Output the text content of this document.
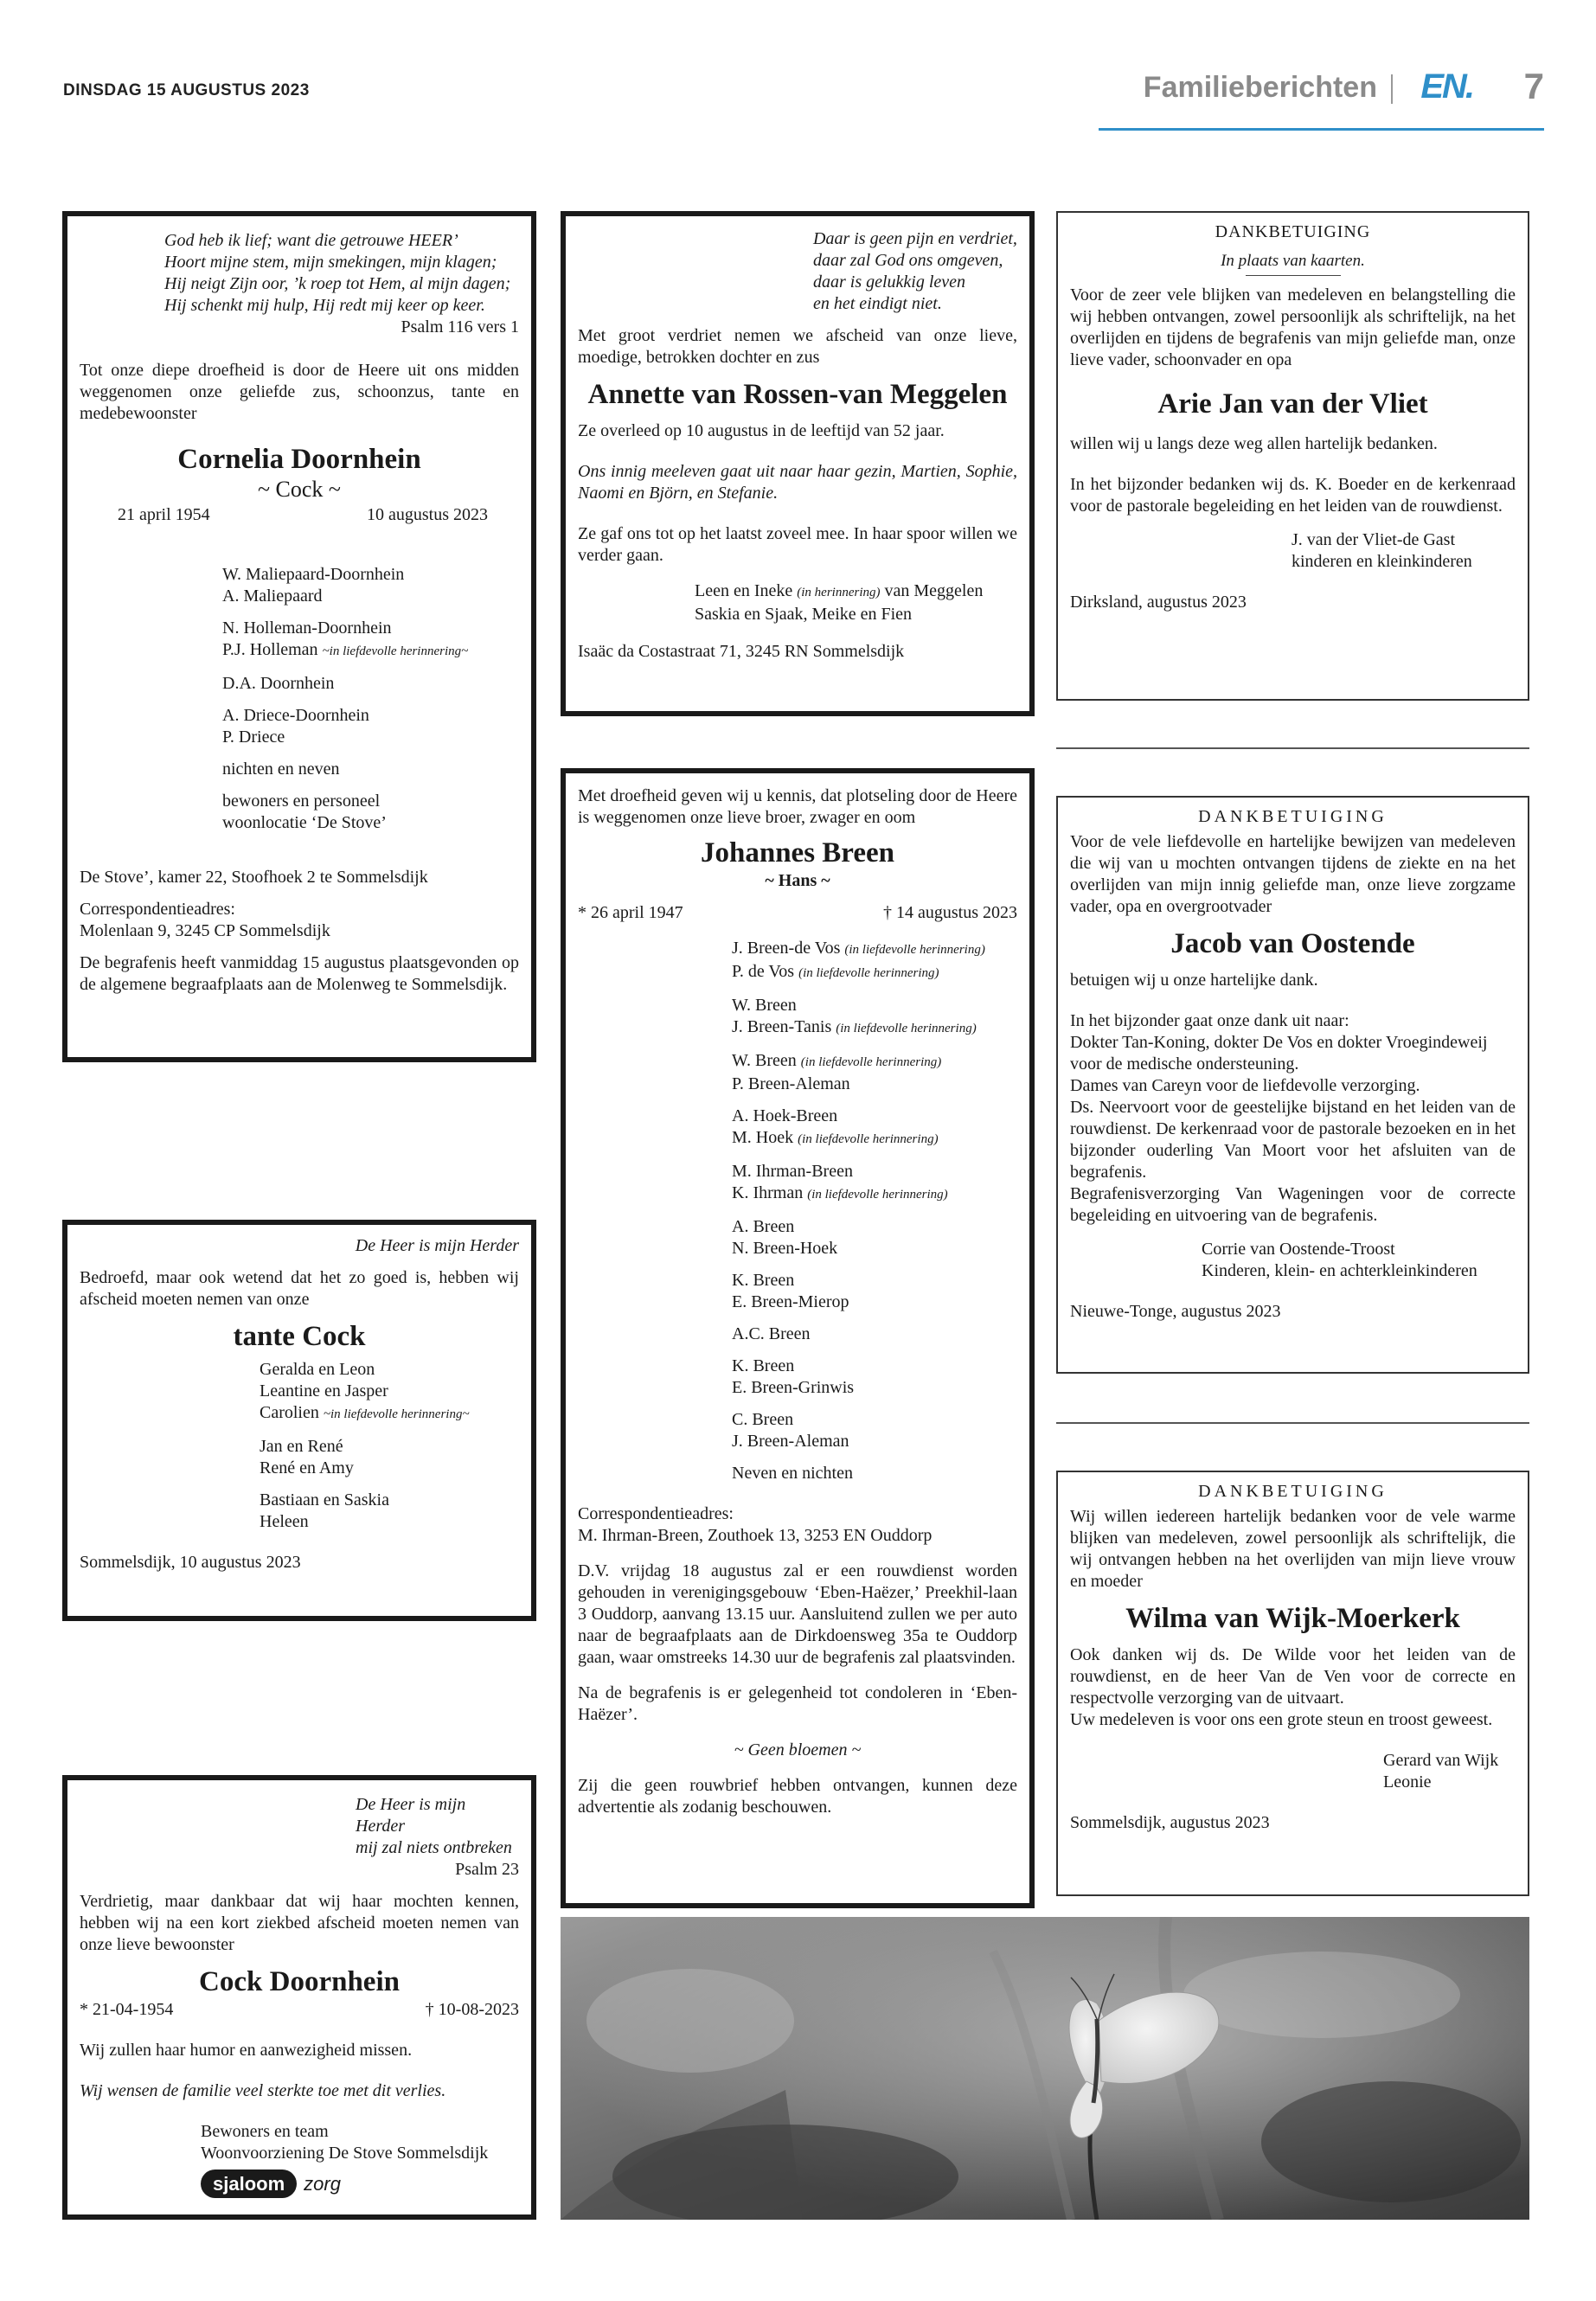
DINSDAG 15 AUGUSTUS 2023	Familieberichten EN. 7

God heb ik lief; want die getrouwe HEER’

Hoort mijne stem, mijn smekingen, mijn klagen;

Hij neigt Zijn oor, ’k roep tot Hem, al mijn dagen;

Hij schenkt mij hulp, Hij redt mij keer op keer.

Psalm 116 vers 1

Tot onze diepe droefheid is door de Heere uit ons midden weggenomen onze geliefde zus, schoonzus, tante en medebewoonster

Cornelia Doornhein

~ Cock ~

21 april 1954	10 augustus 2023

W. Maliepaard-Doornhein

A. Maliepaard

N. Holleman-Doornhein

P.J. Holleman ~in liefdevolle herinnering~

D.A. Doornhein

A. Driece-Doornhein

P. Driece

nichten en neven

bewoners en personeel

woonlocatie ‘De Stove’

De Stove’, kamer 22, Stoofhoek 2 te Sommelsdijk

Correspondentieadres:

Molenlaan 9, 3245 CP Sommelsdijk

De begrafenis heeft vanmiddag 15 augustus plaatsgevonden op de algemene begraafplaats aan de Molenweg te Sommelsdijk.

De Heer is mijn Herder

Bedroefd, maar ook wetend dat het zo goed is, hebben wij afscheid moeten nemen van onze

tante Cock

Geralda en Leon

Leantine en Jasper

Carolien ~in liefdevolle herinnering~

Jan en René

René en Amy

Bastiaan en Saskia

Heleen

Sommelsdijk, 10 augustus 2023

De Heer is mijn Herder

mij zal niets ontbreken

Psalm 23

Verdrietig, maar dankbaar dat wij haar mochten kennen, hebben wij na een kort ziekbed afscheid moeten nemen van onze lieve bewoonster

Cock Doornhein

* 21-04-1954	† 10-08-2023

Wij zullen haar humor en aanwezigheid missen.

Wij wensen de familie veel sterkte toe met dit verlies.

Bewoners en team

Woonvoorziening De Stove Sommelsdijk

sjaloom	zorg

Daar is geen pijn en verdriet,

daar zal God ons omgeven,

daar is gelukkig leven

en het eindigt niet.

Met groot verdriet nemen we afscheid van onze lieve, moedige, betrokken dochter en zus

Annette van Rossen-van Meggelen

Ze overleed op 10 augustus in de leeftijd van 52 jaar.

Ons innig meeleven gaat uit naar haar gezin, Martien, Sophie, Naomi en Björn, en Stefanie.

Ze gaf ons tot op het laatst zoveel mee. In haar spoor willen we verder gaan.

Leen en Ineke (in herinnering) van Meggelen

Saskia en Sjaak, Meike en Fien

Isaäc da Costastraat 71, 3245 RN Sommelsdijk

Met droefheid geven wij u kennis, dat plotseling door de Heere is weggenomen onze lieve broer, zwager en oom

Johannes Breen

~ Hans ~

* 26 april 1947	† 14 augustus 2023

J. Breen-de Vos (in liefdevolle herinnering)

P. de Vos (in liefdevolle herinnering)

W. Breen

J. Breen-Tanis (in liefdevolle herinnering)

W. Breen (in liefdevolle herinnering)

P. Breen-Aleman

A. Hoek-Breen

M. Hoek (in liefdevolle herinnering)

M. Ihrman-Breen

K. Ihrman (in liefdevolle herinnering)

A. Breen

N. Breen-Hoek

K. Breen

E. Breen-Mierop

A.C. Breen

K. Breen

E. Breen-Grinwis

C. Breen

J. Breen-Aleman

Neven en nichten

Correspondentieadres:

M. Ihrman-Breen, Zouthoek 13, 3253 EN Ouddorp

D.V. vrijdag 18 augustus zal er een rouwdienst worden gehouden in verenigingsgebouw ‘Eben-Haëzer,’ Preekhil-laan 3 Ouddorp, aanvang 13.15 uur. Aansluitend zullen we per auto naar de begraafplaats aan de Dirkdoensweg 35a te Ouddorp gaan, waar omstreeks 14.30 uur de begrafenis zal plaatsvinden.

Na de begrafenis is er gelegenheid tot condoleren in ‘Eben-Haëzer’.

~ Geen bloemen ~

Zij die geen rouwbrief hebben ontvangen, kunnen deze advertentie als zodanig beschouwen.

DANKBETUIGING

In plaats van kaarten.

Voor de zeer vele blijken van medeleven en belangstelling die wij hebben ontvangen, zowel persoonlijk als schriftelijk, na het overlijden en tijdens de begrafenis van mijn geliefde man, onze lieve vader, schoonvader en opa

Arie Jan van der Vliet

willen wij u langs deze weg allen hartelijk bedanken.

In het bijzonder bedanken wij ds. K. Boeder en de kerkenraad voor de pastorale begeleiding en het leiden van de rouwdienst.

J. van der Vliet-de Gast

kinderen en kleinkinderen

Dirksland, augustus 2023

DANKBETUIGING

Voor de vele liefdevolle en hartelijke bewijzen van medeleven die wij van u mochten ontvangen tijdens de ziekte en na het overlijden van mijn innig geliefde man, onze lieve zorgzame vader, opa en overgrootvader

Jacob van Oostende

betuigen wij u onze hartelijke dank.

In het bijzonder gaat onze dank uit naar:

Dokter Tan-Koning, dokter De Vos en dokter Vroegindeweij voor de medische ondersteuning.

Dames van Careyn voor de liefdevolle verzorging.

Ds. Neervoort voor de geestelijke bijstand en het leiden van de rouwdienst. De kerkenraad voor de pastorale bezoeken en in het bijzonder ouderling Van Moort voor het afsluiten van de begrafenis.

Begrafenisverzorging Van Wageningen voor de correcte begeleiding en uitvoering van de begrafenis.

Corrie van Oostende-Troost

Kinderen, klein- en achterkleinkinderen

Nieuwe-Tonge, augustus 2023

DANKBETUIGING

Wij willen iedereen hartelijk bedanken voor de vele warme blijken van medeleven, zowel persoonlijk als schriftelijk, die wij ontvangen hebben na het overlijden van mijn lieve vrouw en moeder

Wilma van Wijk-Moerkerk

Ook danken wij ds. De Wilde voor het leiden van de rouwdienst, en de heer Van de Ven voor de correcte en respectvolle verzorging van de uitvaart.

Uw medeleven is voor ons een grote steun en troost geweest.

Gerard van Wijk

Leonie

Sommelsdijk, augustus 2023
